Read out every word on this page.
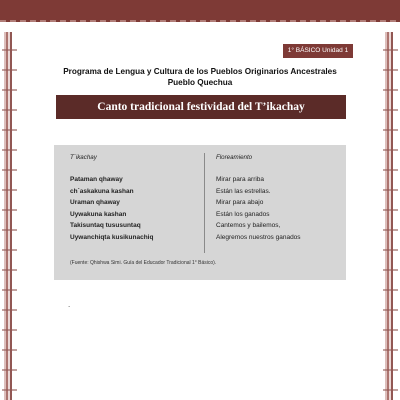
1° BÁSICO Unidad 1
Programa de Lengua y Cultura de los Pueblos Originarios Ancestrales
Pueblo Quechua
Canto tradicional festividad del T’ikachay
T´ikachay
Pataman qhaway
ch´askakuna kashan
Uraman qhaway
Uywakuna kashan
Takisuntaq tususuntaq
Uywanchiqta kusikunachiq
Floreamiento
Mirar para arriba
Están las estrellas.
Mirar para abajo
Están los ganados
Cantemos y bailemos,
Alegremos nuestros ganados
(Fuente: Qhishwa Simi. Guía del Educador Tradicional 1° Básico).
.
